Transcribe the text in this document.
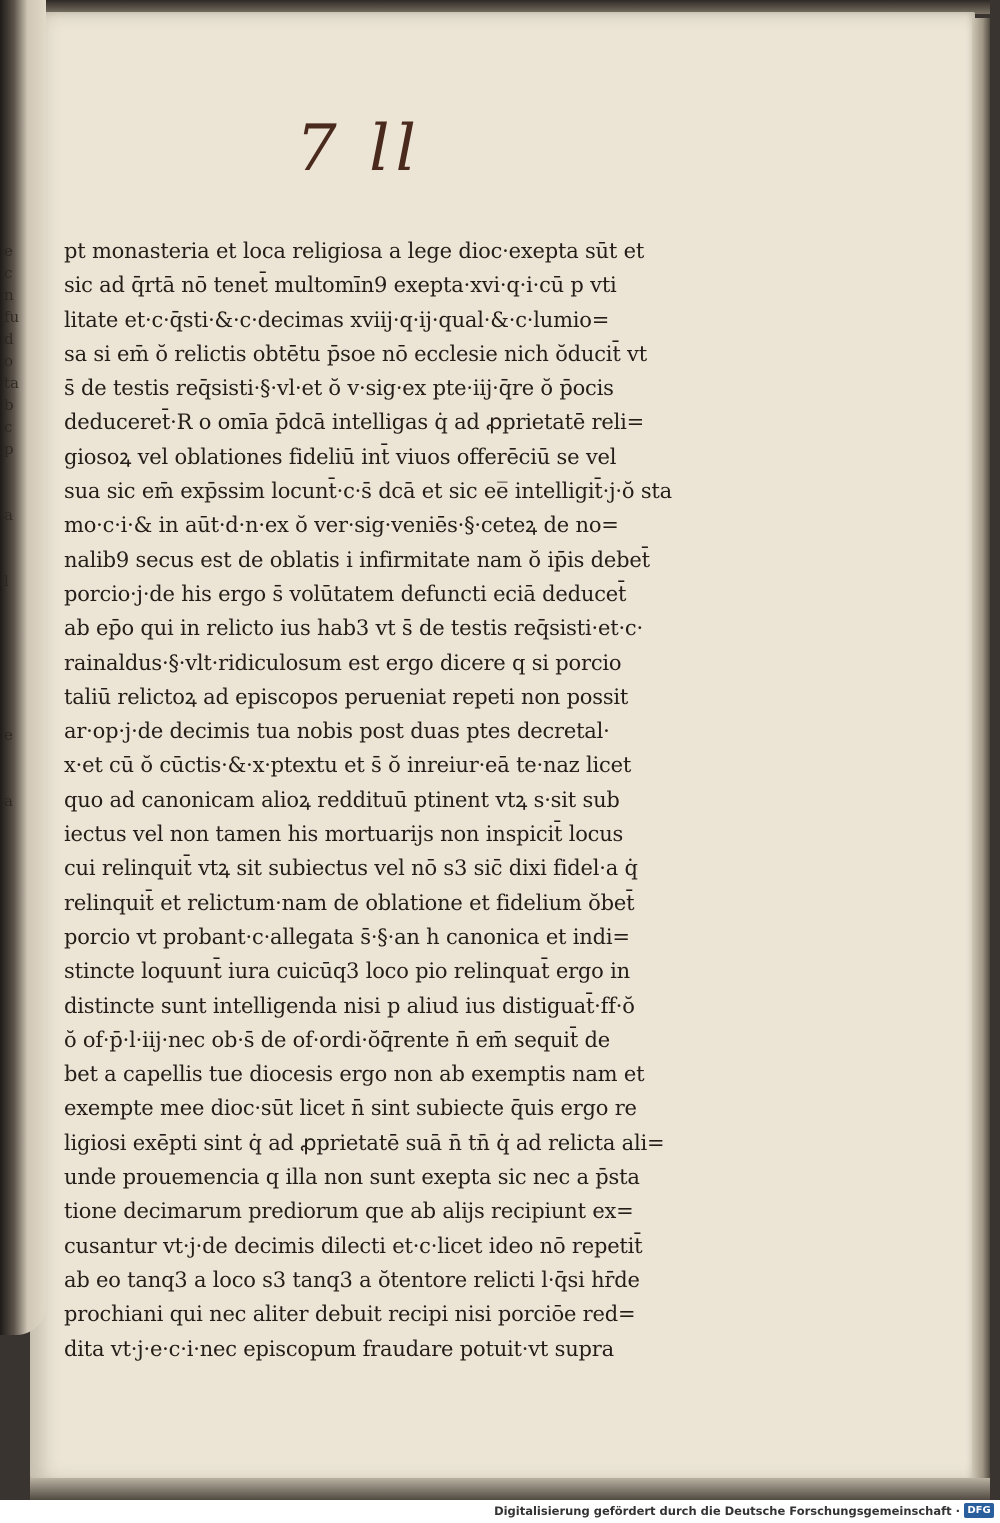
e
c
n
fu
d
o
ta
b
c
p

a

l

e

a
7 ll
pt monasteria et loca religiosa a lege dioc·exepta sūt et
sic ad q̄rtā nō tenet̄ multomīn9 exepta·xvi·q·i·cū p vti
litate et·c·q̄sti·&·c·decimas xviij·q·ij·qual·&·c·lumio=
sa si em̄ ŏ relictis obtētu p̄soe nō ecclesie nich ŏducit̄ vt
s̄ de testis req̄sisti·§·vl·et ŏ v·sig·ex pte·iij·q̄re ŏ p̄ocis
deduceret̄·R o omīa p̄dcā intelligas q̇ ad ꝓprietatē reli=
giosoꝝ vel oblationes fideliū int̄ viuos offerēciū se vel
sua sic em̄ exp̄ssim locunt̄·c·s̄ dcā et sic ee̅ intelligit̄·j·ŏ sta
mo·c·i·& in aūt·d·n·ex ŏ ver·sig·veniēs·§·ceteꝝ de no=
nalib9 secus est de oblatis i infirmitate nam ŏ ip̄is debet̄
porcio·j·de his ergo s̄ volūtatem defuncti eciā deducet̄
ab ep̄o qui in relicto ius hab3 vt s̄ de testis req̄sisti·et·c·
rainaldus·§·vlt·ridiculosum est ergo dicere q si porcio
taliū relictoꝝ ad episcopos perueniat repeti non possit
ar·op·j·de decimis tua nobis post duas ptes decretal·
x·et cū ŏ cūctis·&·x·ptextu et s̄ ŏ inreiur·eā te·naz licet
quo ad canonicam alioꝝ reddituū ptinent vtꝝ s·sit sub
iectus vel non tamen his mortuarijs non inspicit̄ locus
cui relinquit̄ vtꝝ sit subiectus vel nō s3 sic̄ dixi fidel·a q̇
relinquit̄ et relictum·nam de oblatione et fidelium ŏbet̄
porcio vt probant·c·allegata s̄·§·an h canonica et indi=
stincte loquunt̄ iura cuicūq3 loco pio relinquat̄ ergo in
distincte sunt intelligenda nisi p aliud ius distiguat̄·ff·ŏ
ŏ of·p̄·l·iij·nec ob·s̄ de of·ordi·ŏq̄rente n̄ em̄ sequit̄ de
bet a capellis tue diocesis ergo non ab exemptis nam et
exempte mee dioc·sūt licet n̄ sint subiecte q̄uis ergo re
ligiosi exēpti sint q̇ ad ꝓprietatē suā n̄ tn̄ q̇ ad relicta ali=
unde prouemencia q illa non sunt exepta sic nec a p̄sta
tione decimarum prediorum que ab alijs recipiunt ex=
cusantur vt·j·de decimis dilecti et·c·licet ideo nō repetit̄
ab eo tanq3 a loco s3 tanq3 a ŏtentore relicti l·q̄si hr̄de
prochiani qui nec aliter debuit recipi nisi porciōe red=
dita vt·j·e·c·i·nec episcopum fraudare potuit·vt supra
Digitalisierung gefördert durch die Deutsche Forschungsgemeinschaft · DFG
